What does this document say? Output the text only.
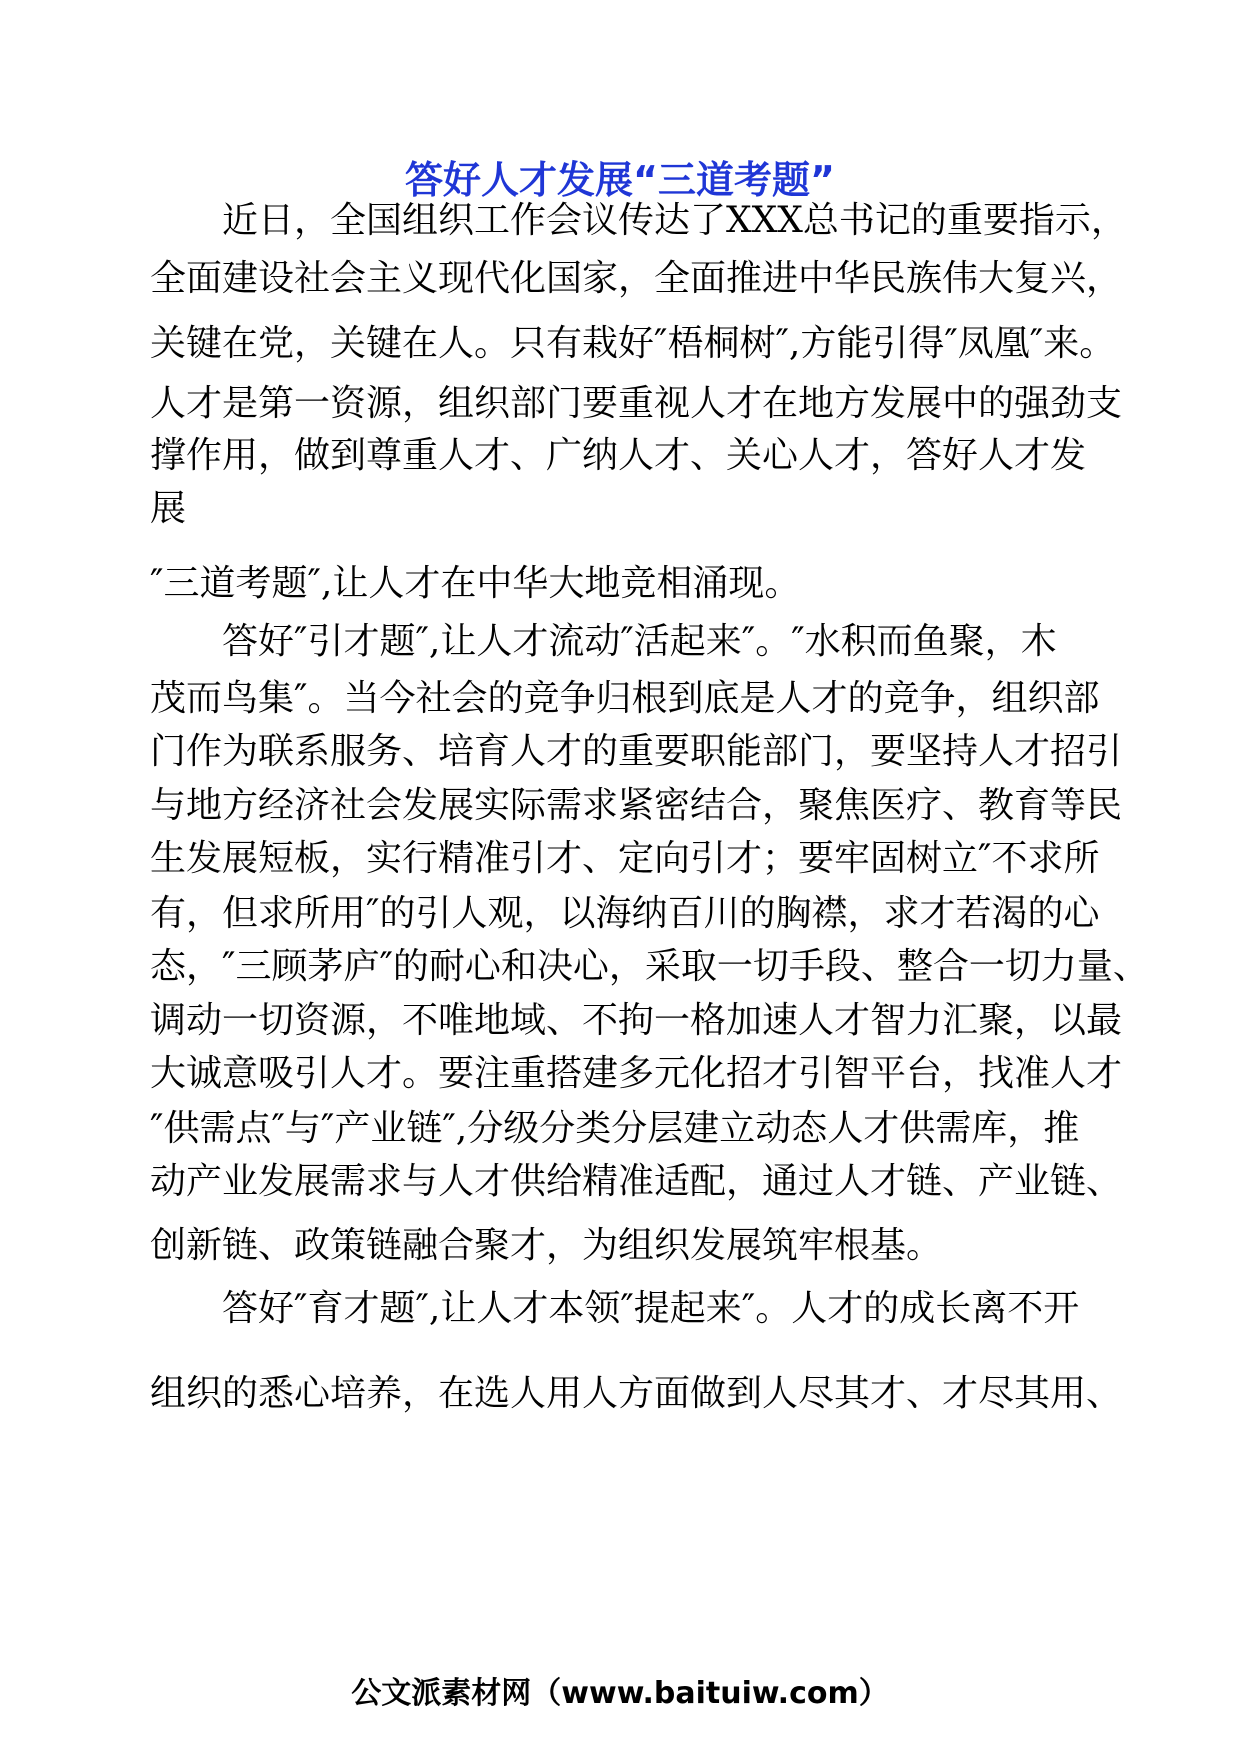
答好人才发展“三道考题”
　　近日，全国组织工作会议传达了XXX总书记的重要指示，
全面建设社会主义现代化国家，全面推进中华民族伟大复兴，
关键在党，关键在人。只有栽好″梧桐树″,方能引得″凤凰″来。
人才是第一资源，组织部门要重视人才在地方发展中的强劲支
撑作用，做到尊重人才、广纳人才、关心人才，答好人才发
展
″三道考题″,让人才在中华大地竞相涌现。
　　答好″引才题″,让人才流动″活起来″。″水积而鱼聚，木
茂而鸟集″。当今社会的竞争归根到底是人才的竞争，组织部
门作为联系服务、培育人才的重要职能部门，要坚持人才招引
与地方经济社会发展实际需求紧密结合，聚焦医疗、教育等民
生发展短板，实行精准引才、定向引才；要牢固树立″不求所
有，但求所用″的引人观，以海纳百川的胸襟，求才若渴的心
态，″三顾茅庐″的耐心和决心，采取一切手段、整合一切力量、
调动一切资源，不唯地域、不拘一格加速人才智力汇聚，以最
大诚意吸引人才。要注重搭建多元化招才引智平台，找准人才
″供需点″与″产业链″,分级分类分层建立动态人才供需库，推
动产业发展需求与人才供给精准适配，通过人才链、产业链、
创新链、政策链融合聚才，为组织发展筑牢根基。
　　答好″育才题″,让人才本领″提起来″。人才的成长离不开
组织的悉心培养，在选人用人方面做到人尽其才、才尽其用、
公文派素材网（www.baituiw.com）
